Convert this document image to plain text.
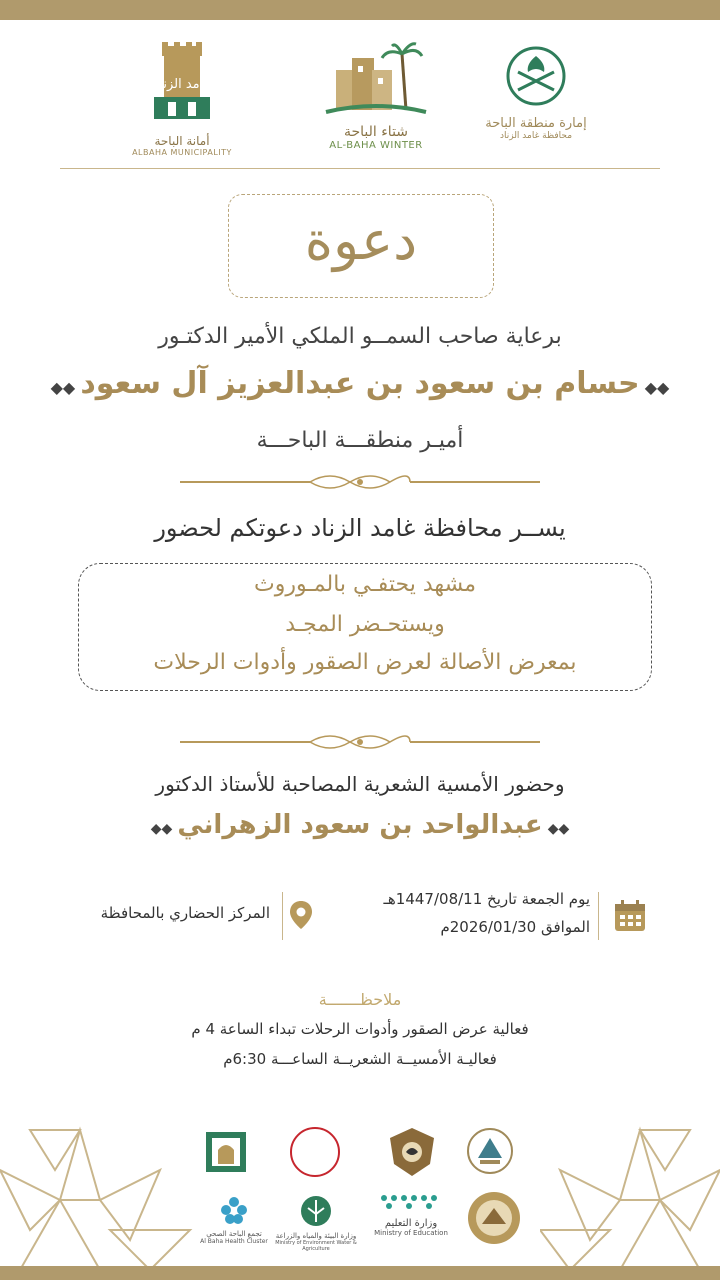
غامد الزناد
أمانة الباحة
ALBAHA MUNICIPALITY
شتاء الباحة
AL-BAHA WINTER
إمارة منطقة الباحة
محافظة غامد الزناد
دعوة
برعاية صاحب السمــو الملكي الأمير الدكتـور
◆◆ حسام بن سعود بن عبدالعزيز آل سعود ◆◆
أميـر منطقـــة الباحـــة
يســر محافظة غامد الزناد دعوتكم لحضور
مشهد يحتفـي بالمـوروث
ويستحـضر المجـد
بمعرض الأصالة لعرض الصقور وأدوات الرحلات
وحضور الأمسية الشعرية المصاحبة للأستاذ الدكتور
◆◆ عبدالواحد بن سعود الزهراني ◆◆
يوم الجمعة تاريخ 1447/08/11هـ
الموافق 2026/01/30م
المركز الحضاري بالمحافظة
ملاحظـــــــة
فعالية عرض الصقور وأدوات الرحلات تبداء الساعة 4 م
فعاليـة الأمسيــة الشعريــة الساعـــة 6:30م
وزارة التعليم
Ministry of Education
وزارة البيئة والمياه والزراعة
Ministry of Environment Water & Agriculture
تجمع الباحة الصحي
Al Baha Health Cluster
